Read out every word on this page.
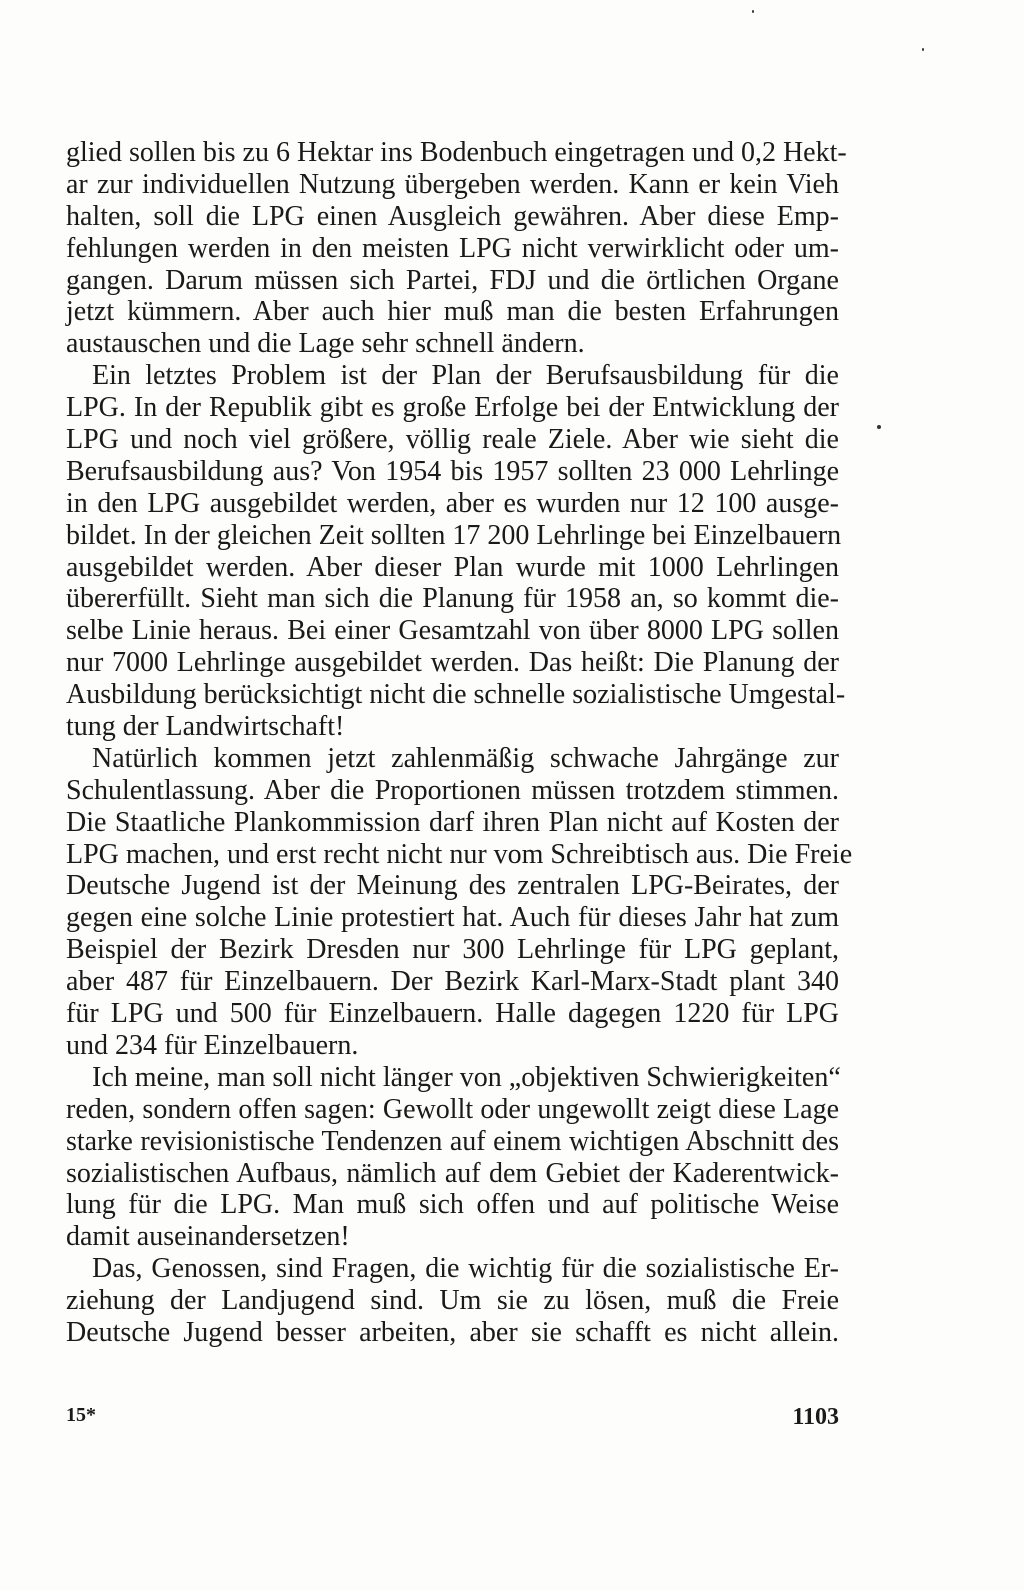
glied sollen bis zu 6 Hektar ins Bodenbuch eingetragen und 0,2 Hekt-
ar zur individuellen Nutzung übergeben werden. Kann er kein Vieh
halten, soll die LPG einen Ausgleich gewähren. Aber diese Emp-
fehlungen werden in den meisten LPG nicht verwirklicht oder um-
gangen. Darum müssen sich Partei, FDJ und die örtlichen Organe
jetzt kümmern. Aber auch hier muß man die besten Erfahrungen
austauschen und die Lage sehr schnell ändern.
Ein letztes Problem ist der Plan der Berufsausbildung für die
LPG. In der Republik gibt es große Erfolge bei der Entwicklung der
LPG und noch viel größere, völlig reale Ziele. Aber wie sieht die
Berufsausbildung aus? Von 1954 bis 1957 sollten 23 000 Lehrlinge
in den LPG ausgebildet werden, aber es wurden nur 12 100 ausge-
bildet. In der gleichen Zeit sollten 17 200 Lehrlinge bei Einzelbauern
ausgebildet werden. Aber dieser Plan wurde mit 1000 Lehrlingen
übererfüllt. Sieht man sich die Planung für 1958 an, so kommt die-
selbe Linie heraus. Bei einer Gesamtzahl von über 8000 LPG sollen
nur 7000 Lehrlinge ausgebildet werden. Das heißt: Die Planung der
Ausbildung berücksichtigt nicht die schnelle sozialistische Umgestal-
tung der Landwirtschaft!
Natürlich kommen jetzt zahlenmäßig schwache Jahrgänge zur
Schulentlassung. Aber die Proportionen müssen trotzdem stimmen.
Die Staatliche Plankommission darf ihren Plan nicht auf Kosten der
LPG machen, und erst recht nicht nur vom Schreibtisch aus. Die Freie
Deutsche Jugend ist der Meinung des zentralen LPG-Beirates, der
gegen eine solche Linie protestiert hat. Auch für dieses Jahr hat zum
Beispiel der Bezirk Dresden nur 300 Lehrlinge für LPG geplant,
aber 487 für Einzelbauern. Der Bezirk Karl-Marx-Stadt plant 340
für LPG und 500 für Einzelbauern. Halle dagegen 1220 für LPG
und 234 für Einzelbauern.
Ich meine, man soll nicht länger von „objektiven Schwierigkeiten“
reden, sondern offen sagen: Gewollt oder ungewollt zeigt diese Lage
starke revisionistische Tendenzen auf einem wichtigen Abschnitt des
sozialistischen Aufbaus, nämlich auf dem Gebiet der Kaderentwick-
lung für die LPG. Man muß sich offen und auf politische Weise
damit auseinandersetzen!
Das, Genossen, sind Fragen, die wichtig für die sozialistische Er-
ziehung der Landjugend sind. Um sie zu lösen, muß die Freie
Deutsche Jugend besser arbeiten, aber sie schafft es nicht allein.
15*	1103
